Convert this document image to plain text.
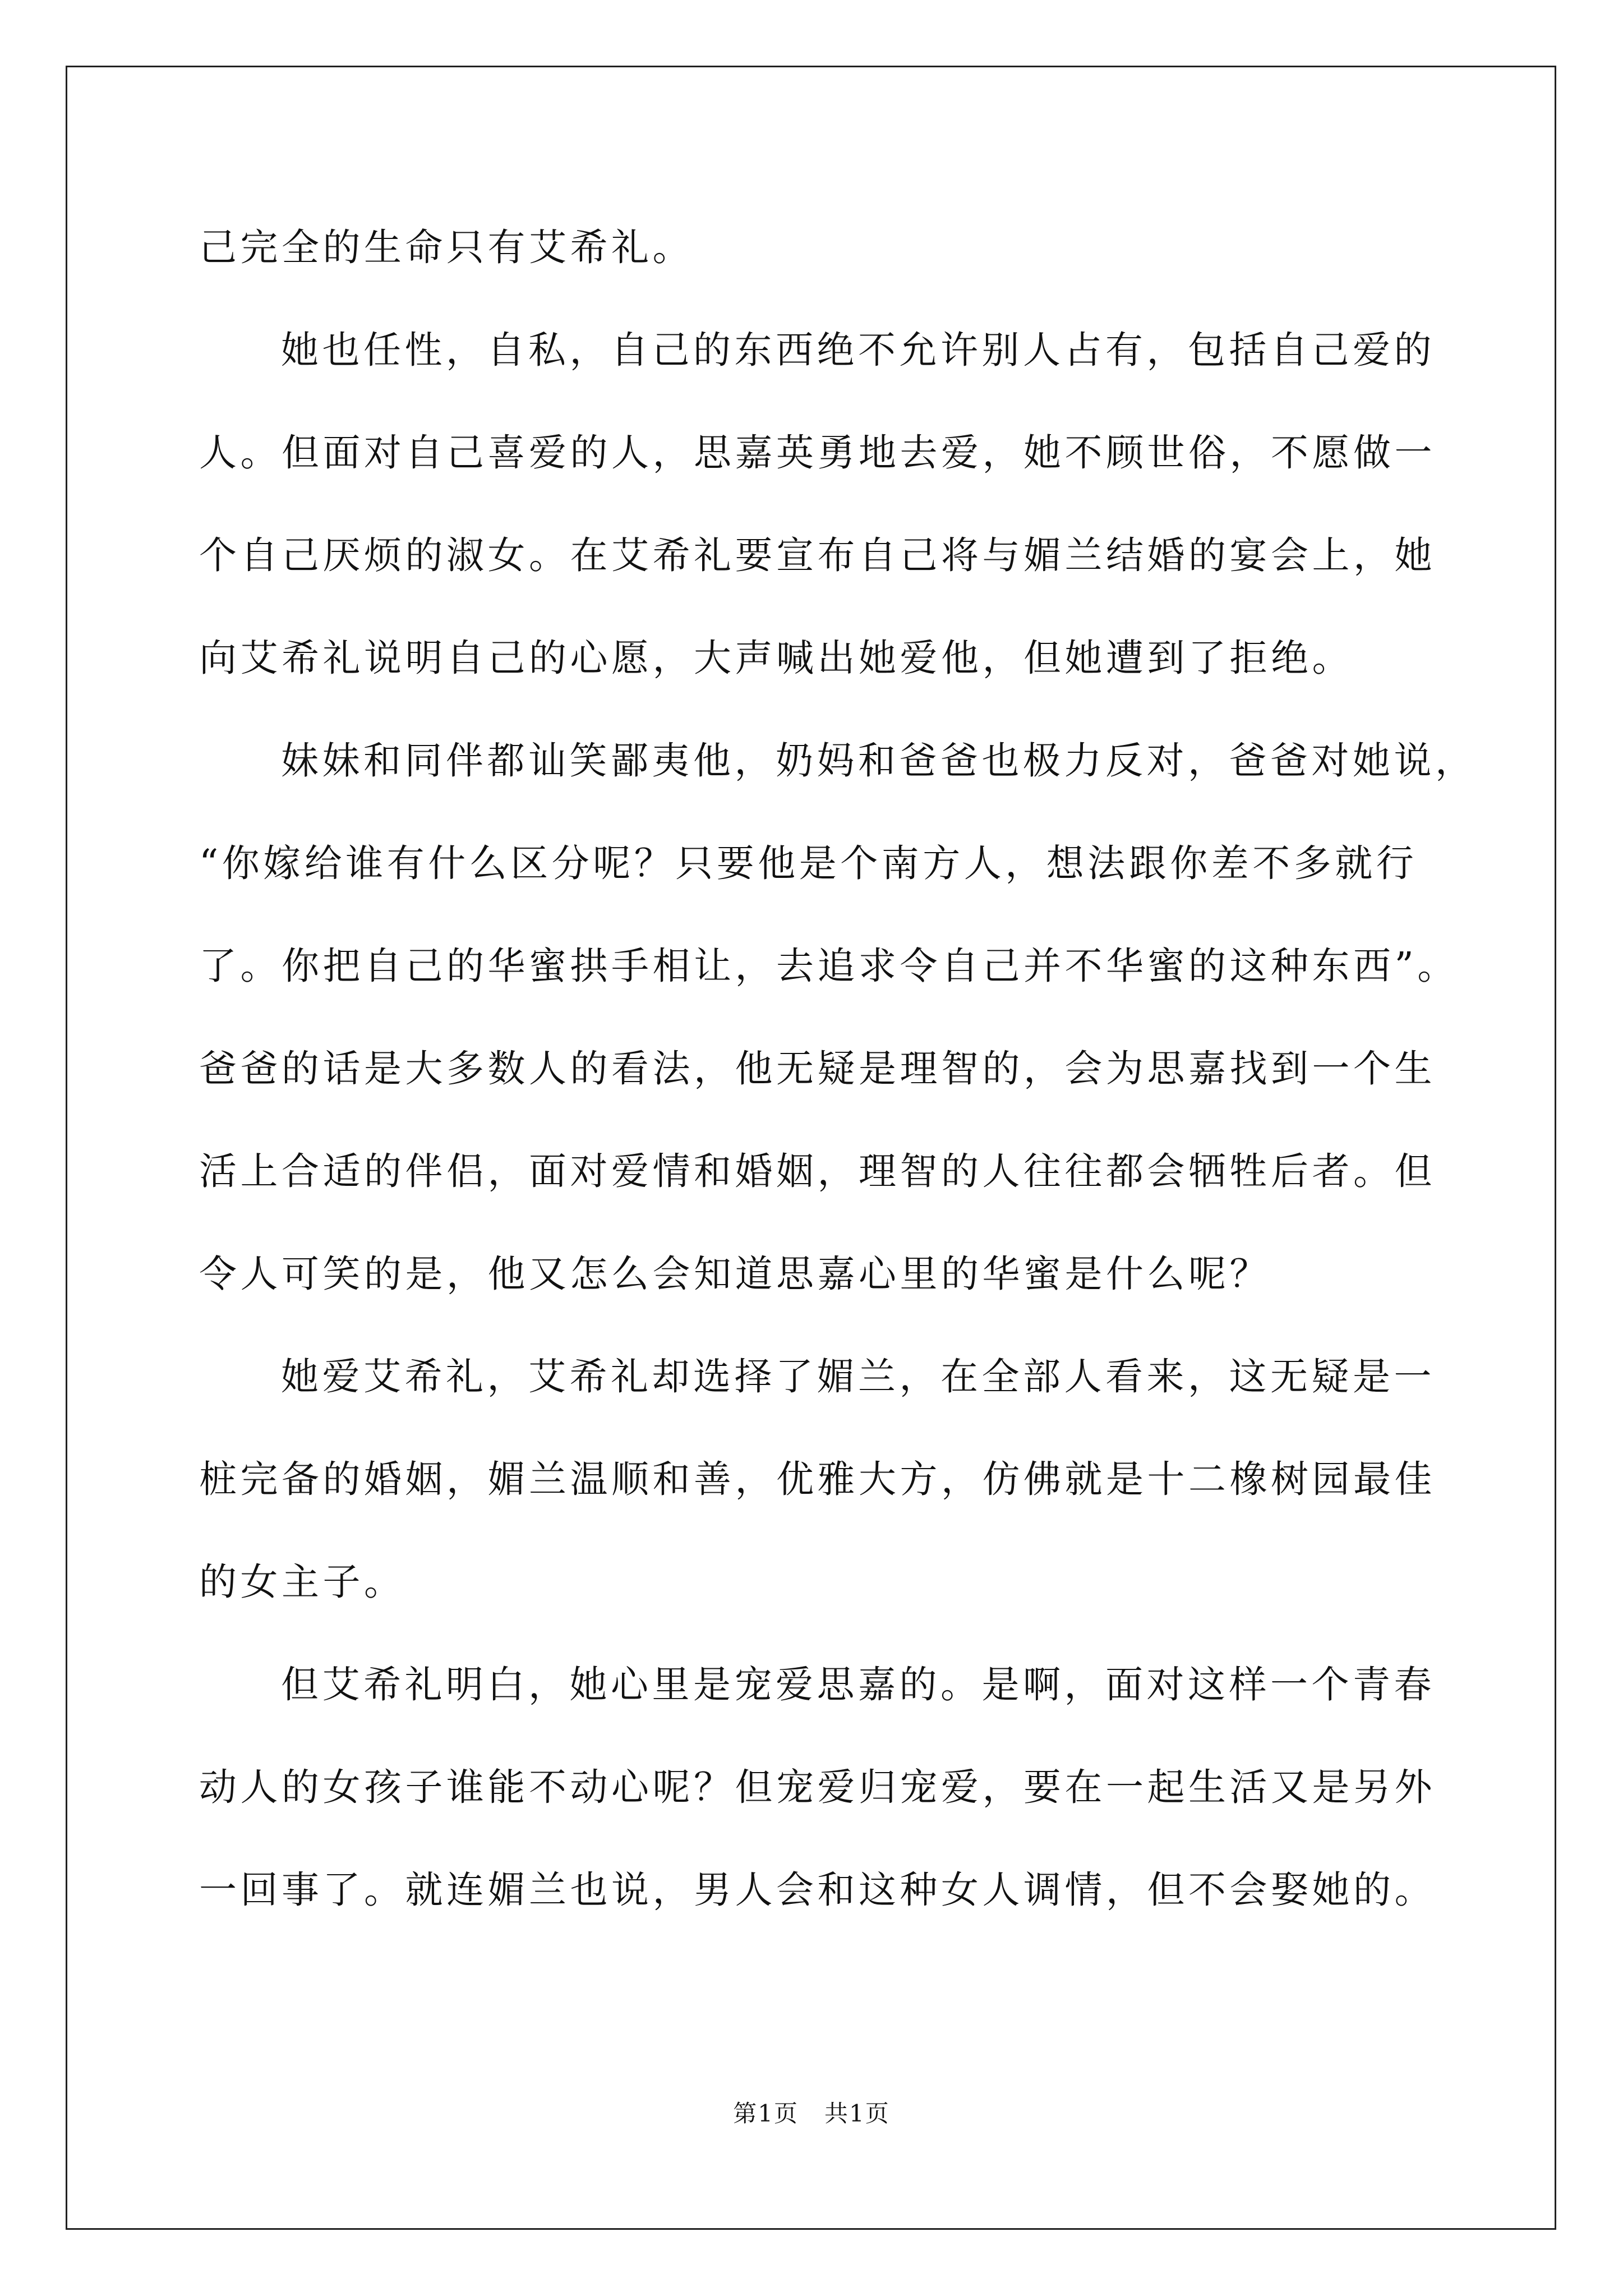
己完全的生命只有艾希礼。
她也任性，自私，自己的东西绝不允许别人占有，包括自己爱的
人。但面对自己喜爱的人，思嘉英勇地去爱，她不顾世俗，不愿做一
个自己厌烦的淑女。在艾希礼要宣布自己将与媚兰结婚的宴会上，她
向艾希礼说明自己的心愿，大声喊出她爱他，但她遭到了拒绝。
妹妹和同伴都讪笑鄙夷他，奶妈和爸爸也极力反对，爸爸对她说，
“你嫁给谁有什么区分呢？只要他是个南方人，想法跟你差不多就行
了。你把自己的华蜜拱手相让，去追求令自己并不华蜜的这种东西”。
爸爸的话是大多数人的看法，他无疑是理智的，会为思嘉找到一个生
活上合适的伴侣，面对爱情和婚姻，理智的人往往都会牺牲后者。但
令人可笑的是，他又怎么会知道思嘉心里的华蜜是什么呢？
她爱艾希礼，艾希礼却选择了媚兰，在全部人看来，这无疑是一
桩完备的婚姻，媚兰温顺和善，优雅大方，仿佛就是十二橡树园最佳
的女主子。
但艾希礼明白，她心里是宠爱思嘉的。是啊，面对这样一个青春
动人的女孩子谁能不动心呢？但宠爱归宠爱，要在一起生活又是另外
一回事了。就连媚兰也说，男人会和这种女人调情，但不会娶她的。
第1页 共1页
